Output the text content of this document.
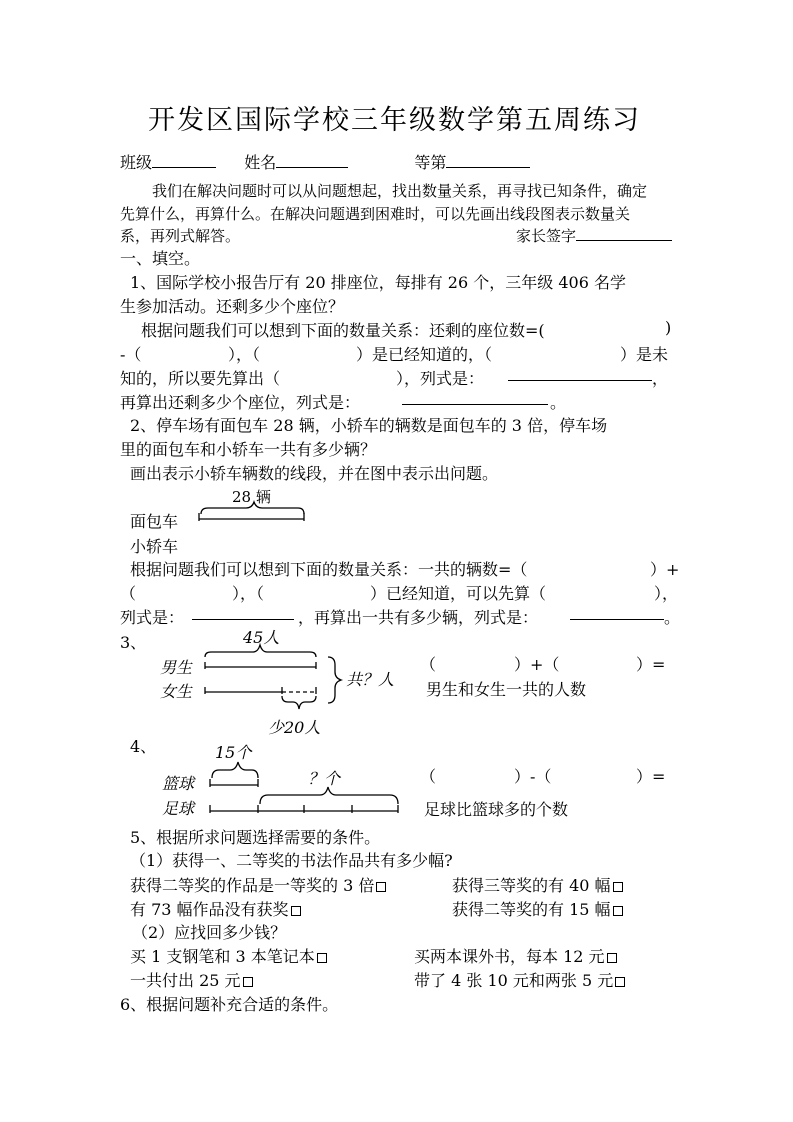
开发区国际学校三年级数学第五周练习
班级	姓名	等第
我们在解决问题时可以从问题想起，找出数量关系，再寻找已知条件，确定
先算什么，再算什么。在解决问题遇到困难时，可以先画出线段图表示数量关
系，再列式解答。	家长签字
一、填空。
1、国际学校小报告厅有 20 排座位，每排有 26 个，三年级 406 名学
生参加活动。还剩多少个座位？
根据问题我们可以想到下面的数量关系：还剩的座位数=(	)
-（	），（	）是已经知道的，（	）是未
知的，所以要先算出（	），列式是：	，
再算出还剩多少个座位，列式是：	。
2、停车场有面包车 28 辆，小轿车的辆数是面包车的 3 倍，停车场
里的面包车和小轿车一共有多少辆？
画出表示小轿车辆数的线段，并在图中表示出问题。
28 辆
面包车
小轿车
根据问题我们可以想到下面的数量关系：一共的辆数=（	）+
（	），（	）已经知道，可以先算（	），
列式是：	，再算出一共有多少辆，列式是：	。
3、	45人
男生
女生
共？人
少20人
（	）+（	）=
男生和女生一共的人数
4、	15个
？个
篮球
足球
（	）-（	）=
足球比篮球多的个数
5、根据所求问题选择需要的条件。
（1）获得一、二等奖的书法作品共有多少幅?
获得二等奖的作品是一等奖的 3 倍	获得三等奖的有 40 幅
有 73 幅作品没有获奖	获得二等奖的有 15 幅
（2）应找回多少钱？
买 1 支钢笔和 3 本笔记本	买两本课外书，每本 12 元
一共付出 25 元	带了 4 张 10 元和两张 5 元
6、根据问题补充合适的条件。
